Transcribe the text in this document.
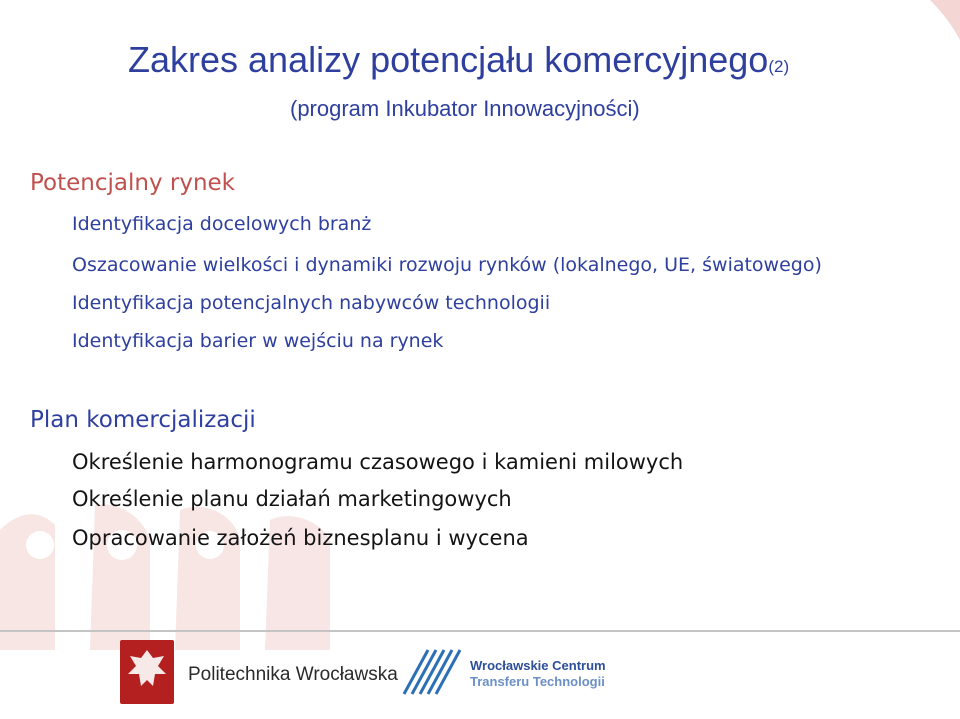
Zakres analizy potencjału komercyjnego(2)
(program Inkubator Innowacyjności)
Potencjalny rynek
Identyfikacja docelowych branż
Oszacowanie wielkości i dynamiki rozwoju rynków (lokalnego, UE, światowego)
Identyfikacja potencjalnych nabywców technologii
Identyfikacja barier w wejściu na rynek
Plan komercjalizacji
Określenie harmonogramu czasowego i kamieni milowych
Określenie planu działań marketingowych
Opracowanie założeń biznesplanu i wycena
Politechnika Wrocławska	Wrocławskie Centrum
Transferu Technologii
